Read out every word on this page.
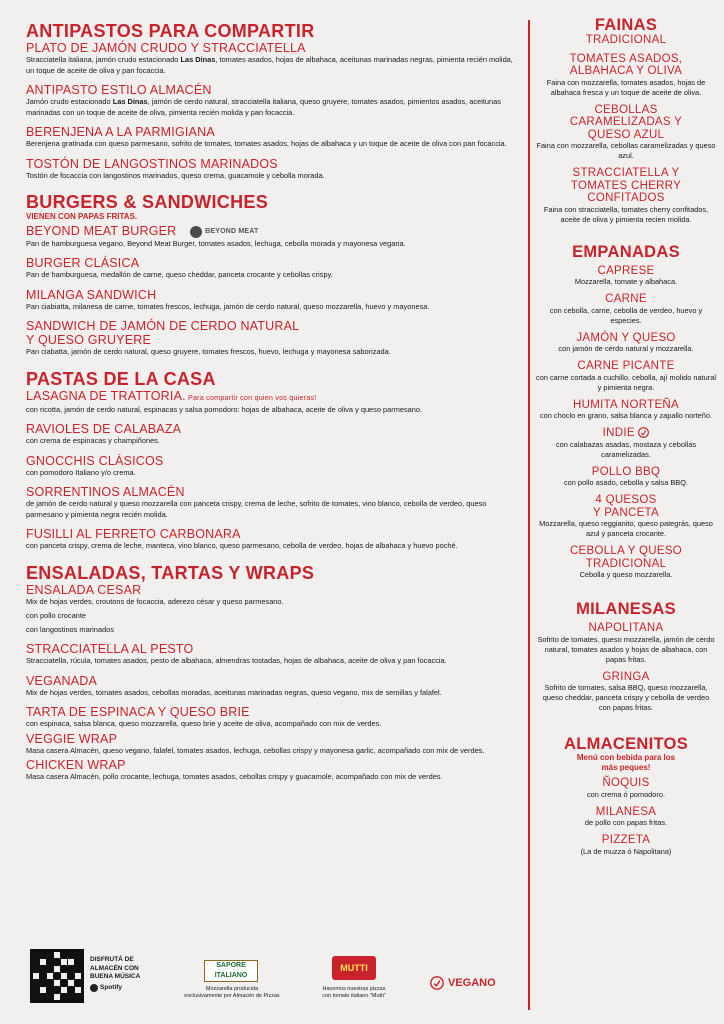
ANTIPASTOS PARA COMPARTIR

PLATO DE JAMÓN CRUDO Y STRACCIATELLA

Stracciatella italiana, jamón crudo estacionado Las Dinas, tomates asados, hojas de albahaca, aceitunas marinadas negras, pimienta recién molida, un toque de aceite de oliva y pan focaccia.

ANTIPASTO ESTILO ALMACÉN

Jamón crudo estacionado Las Dinas, jamón de cerdo natural, stracciatella italiana, queso gruyere, tomates asados, pimientos asados, aceitunas marinadas con un toque de aceite de oliva, pimienta recién molida y pan focaccia.

BERENJENA A LA PARMIGIANA

Berenjena gratinada con queso parmesano, sofrito de tomates, tomates asados, hojas de albahaca y un toque de aceite de oliva con pan focaccia.

TOSTÓN DE LANGOSTINOS MARINADOS

Tostón de focaccia con langostinos marinados, queso crema, guacamole y cebolla morada.

BURGERS & SANDWICHES

VIENEN CON PAPAS FRITAS.

BEYOND MEAT BURGER	BEYOND MEAT

Pan de hamburguesa vegano, Beyond Meat Burger, tomates asados, lechuga, cebolla morada y mayonesa vegana.

BURGER CLÁSICA

Pan de hamburguesa, medallón de carne, queso cheddar, panceta crocante y cebollas crispy.

MILANGA SANDWICH

Pan ciabiatta, milanesa de carne, tomates frescos, lechuga, jamón de cerdo natural, queso mozzarella, huevo y mayonesa.

SANDWICH DE JAMÓN DE CERDO NATURAL

Y QUESO GRUYERE

Pan ciabatta, jamón de cerdo natural, queso gruyere, tomates frescos, huevo, lechuga y mayonesa saborizada.

PASTAS DE LA CASA

LASAGNA DE TRATTORIA. Para compartir con quien vos quieras!

con ricotta, jamón de cerdo natural, espinacas y salsa pomodoro: hojas de albahaca, aceite de oliva y queso parmesano.

RAVIOLES DE CALABAZA

con crema de espinacas y champiñones.

GNOCCHIS CLÁSICOS

con pomodoro Italiano y/o crema.

SORRENTINOS ALMACÉN

de jamón de cerdo natural y queso mozzarella con panceta crispy, crema de leche, sofrito de tomates, vino blanco, cebolla de verdeo, queso parmesano y pimienta negra recién molida.

FUSILLI AL FERRETO CARBONARA

con panceta crispy, crema de leche, manteca, vino blanco, queso parmesano, cebolla de verdeo, hojas de albahaca y huevo poché.

ENSALADAS, TARTAS Y WRAPS

ENSALADA CESAR

Mix de hojas verdes, croutons de focaccia, aderezo césar y queso parmesano.

con pollo crocante

con langostinos marinados

STRACCIATELLA AL PESTO

Stracciatella, rúcula, tomates asados, pesto de albahaca, almendras tostadas, hojas de albahaca, aceite de oliva y pan focaccia.

VEGANADA

Mix de hojas verdes, tomates asados, cebollas moradas, aceitunas marinadas negras, queso vegano, mix de semillas y falafel.

TARTA DE ESPINACA Y QUESO BRIE

con espinaca, salsa blanca, queso mozzarella, queso brie y aceite de oliva, acompañado con mix de verdes.

VEGGIE WRAP

Masa casera Almacén, queso vegano, falafel, tomates asados, lechuga, cebollas crispy y mayonesa garlic, acompañado con mix de verdes.

CHICKEN WRAP

Masa casera Almacén, pollo crocante, lechuga, tomates asados, cebollas crispy y guacamole, acompañado con mix de verdes.

FAINAS

TRADICIONAL

TOMATES ASADOS,

ALBAHACA Y OLIVA

Faina con mozzarella, tomates asados, hojas de albahaca fresca y un toque de aceite de oliva.

CEBOLLAS

CARAMELIZADAS Y

QUESO AZUL

Faina con mozzarella, cebollas caramelizadas y queso azul.

STRACCIATELLA Y

TOMATES CHERRY

CONFITADOS

Faina con stracciatella, tomates cherry confitados, aceite de oliva y pimienta recien molida.

EMPANADAS

CAPRESE

Mozzarella, tomate y albahaca.

CARNE

con cebolla, carne, cebolla de verdeo, huevo y especies.

JAMÓN Y QUESO

con jamón de cerdo natural y mozzarella.

CARNE PICANTE

con carne cortada a cuchillo, cebolla, ají molido natural y pimienta negra.

HUMITA NORTEÑA

con choclo en grano, salsa blanca y zapallo norteño.

INDIE

con calabazas asadas, mostaza y cebollas caramelizadas.

POLLO BBQ

con pollo asado, cebolla y salsa BBQ.

4 QUESOS

Y PANCETA

Mozzarella, queso reggianito, queso pategrás, queso azul y panceta crocante.

CEBOLLA Y QUESO

TRADICIONAL

Cebolla y queso mozzarella.

MILANESAS

NAPOLITANA

Sofrito de tomates, queso mozzarella, jamón de cerdo natural, tomates asados y hojas de albahaca, con papas fritas.

GRINGA

Sofrito de tomates, salsa BBQ, queso mozzarella, queso cheddar, panceta crispy y cebolla de verdeo con papas fritas.

ALMACENITOS

Menú con bebida para los

más peques!

ÑOQUIS

con crema ó pomodoro.

MILANESA

de pollo con papas fritas.

PIZZETA

(La de muzza ó Napolitana)

DISFRUTÁ DE
ALMACÉN CON
BUENA MÚSICA
Spotify
SAPORE ITALIANO
Mozzarella producida
exclusivamente por Almacén de Pizzas
MUTTI
Hacemos nuestras pizzas
con tomate italiano "Mutti"
VEGANO
